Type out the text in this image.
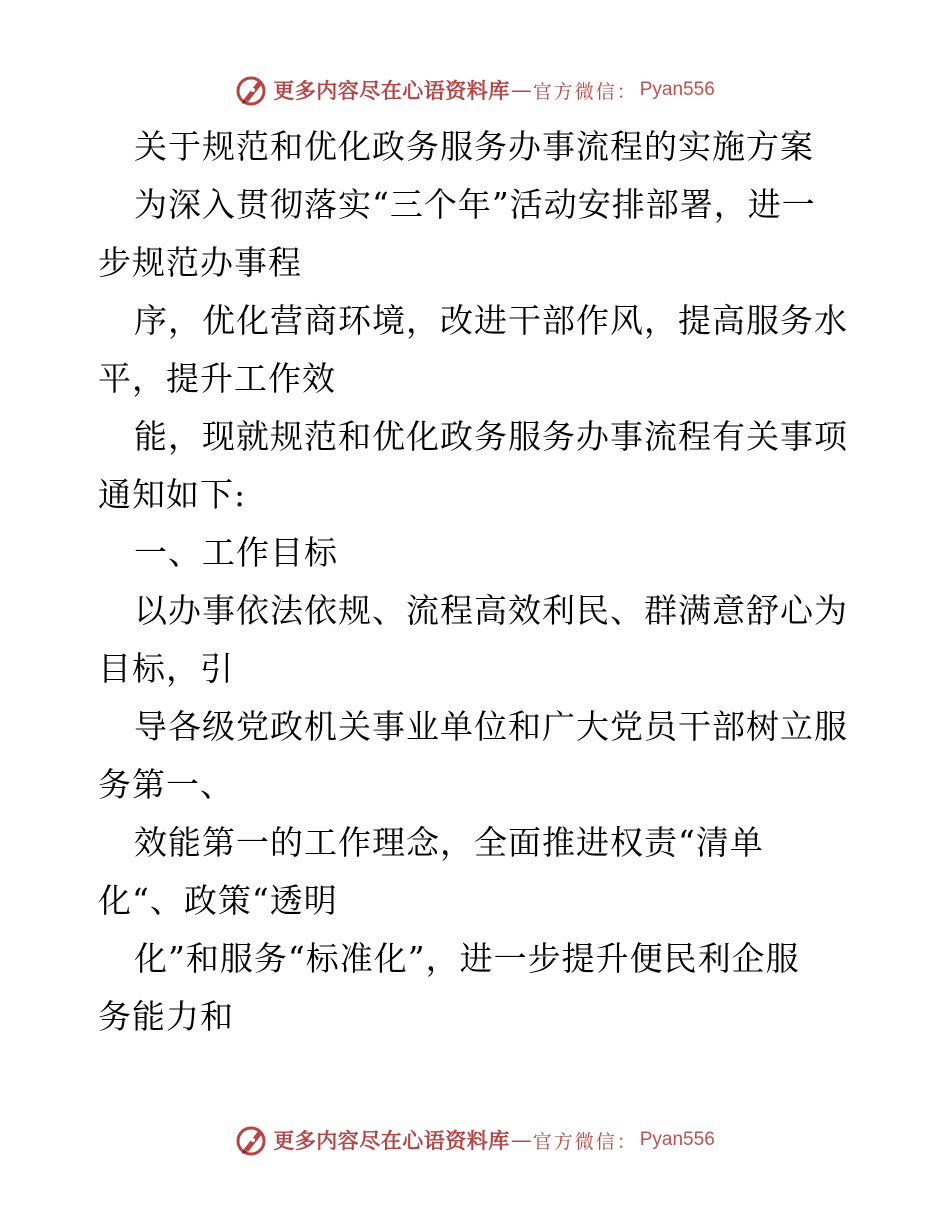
更多内容尽在心语资料库 — 官方微信： Pyan556
关于规范和优化政务服务办事流程的实施方案
为深入贯彻落实“三个年”活动安排部署，进一
步规范办事程
序，优化营商环境，改进干部作风，提高服务水
平，提升工作效
能，现就规范和优化政务服务办事流程有关事项
通知如下:
一、工作目标
以办事依法依规、流程高效利民、群满意舒心为
目标，引
导各级党政机关事业单位和广大党员干部树立服
务第一、
效能第一的工作理念，全面推进权责“清单
化“、政策“透明
化”和服务“标准化”，进一步提升便民利企服
务能力和
更多内容尽在心语资料库 — 官方微信： Pyan556
